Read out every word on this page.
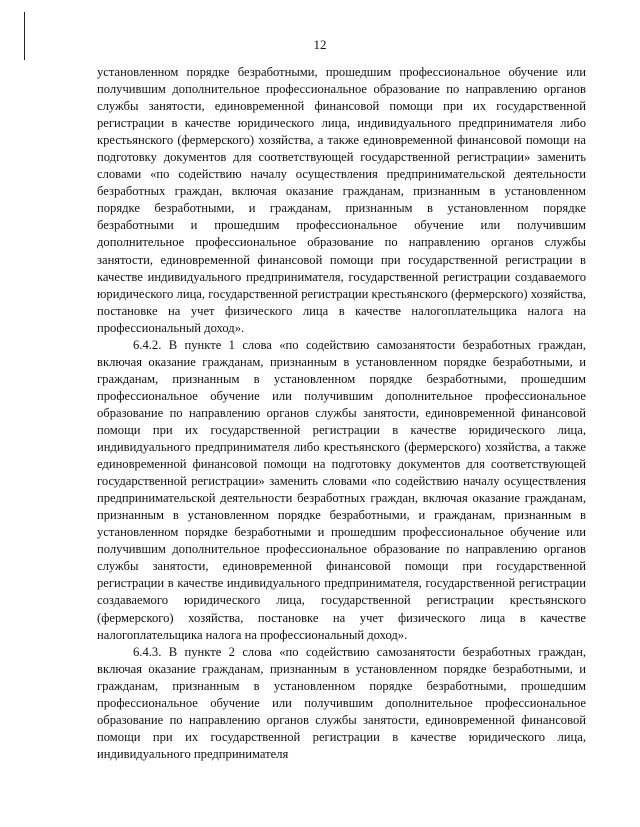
12

установленном порядке безработными, прошедшим профессиональное обучение или получившим дополнительное профессиональное образование по направлению органов службы занятости, единовременной финансовой помощи при их государственной регистрации в качестве юридического лица, индивидуального предпринимателя либо крестьянского (фермерского) хозяйства, а также единовременной финансовой помощи на подготовку документов для соответствующей государственной регистрации» заменить словами «по содействию началу осуществления предпринимательской деятельности безработных граждан, включая оказание гражданам, признанным в установленном порядке безработными, и гражданам, признанным в установленном порядке безработными и прошедшим профессиональное обучение или получившим дополнительное профессиональное образование по направлению органов службы занятости, единовременной финансовой помощи при государственной регистрации в качестве индивидуального предпринимателя, государственной регистрации создаваемого юридического лица, государственной регистрации крестьянского (фермерского) хозяйства, постановке на учет физического лица в качестве налогоплательщика налога на профессиональный доход».

6.4.2. В пункте 1 слова «по содействию самозанятости безработных граждан, включая оказание гражданам, признанным в установленном порядке безработными, и гражданам, признанным в установленном порядке безработными, прошедшим профессиональное обучение или получившим дополнительное профессиональное образование по направлению органов службы занятости, единовременной финансовой помощи при их государственной регистрации в качестве юридического лица, индивидуального предпринимателя либо крестьянского (фермерского) хозяйства, а также единовременной финансовой помощи на подготовку документов для соответствующей государственной регистрации» заменить словами «по содействию началу осуществления предпринимательской деятельности безработных граждан, включая оказание гражданам, признанным в установленном порядке безработными, и гражданам, признанным в установленном порядке безработными и прошедшим профессиональное обучение или получившим дополнительное профессиональное образование по направлению органов службы занятости, единовременной финансовой помощи при государственной регистрации в качестве индивидуального предпринимателя, государственной регистрации создаваемого юридического лица, государственной регистрации крестьянского (фермерского) хозяйства, постановке на учет физического лица в качестве налогоплательщика налога на профессиональный доход».

6.4.3. В пункте 2 слова «по содействию самозанятости безработных граждан, включая оказание гражданам, признанным в установленном порядке безработными, и гражданам, признанным в установленном порядке безработными, прошедшим профессиональное обучение или получившим дополнительное профессиональное образование по направлению органов службы занятости, единовременной финансовой помощи при их государственной регистрации в качестве юридического лица, индивидуального предпринимателя
